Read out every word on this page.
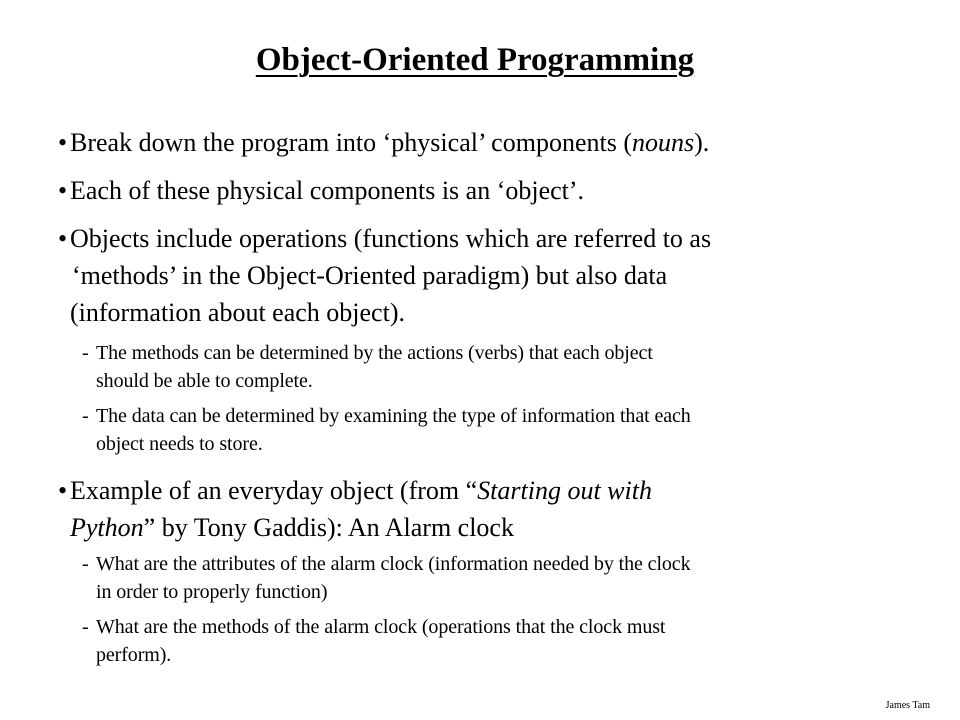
Object-Oriented Programming
• Break down the program into ‘physical’ components (nouns).
• Each of these physical components is an ‘object’.
• Objects include operations (functions which are referred to as
‘methods’ in the Object-Oriented paradigm) but also data
(information about each object).
- The methods can be determined by the actions (verbs) that each object
should be able to complete.
- The data can be determined by examining the type of information that each
object needs to store.
• Example of an everyday object (from “Starting out with
Python” by Tony Gaddis): An Alarm clock
- What are the attributes of the alarm clock (information needed by the clock
in order to properly function)
- What are the methods of the alarm clock (operations that the clock must
perform).
James Tam
